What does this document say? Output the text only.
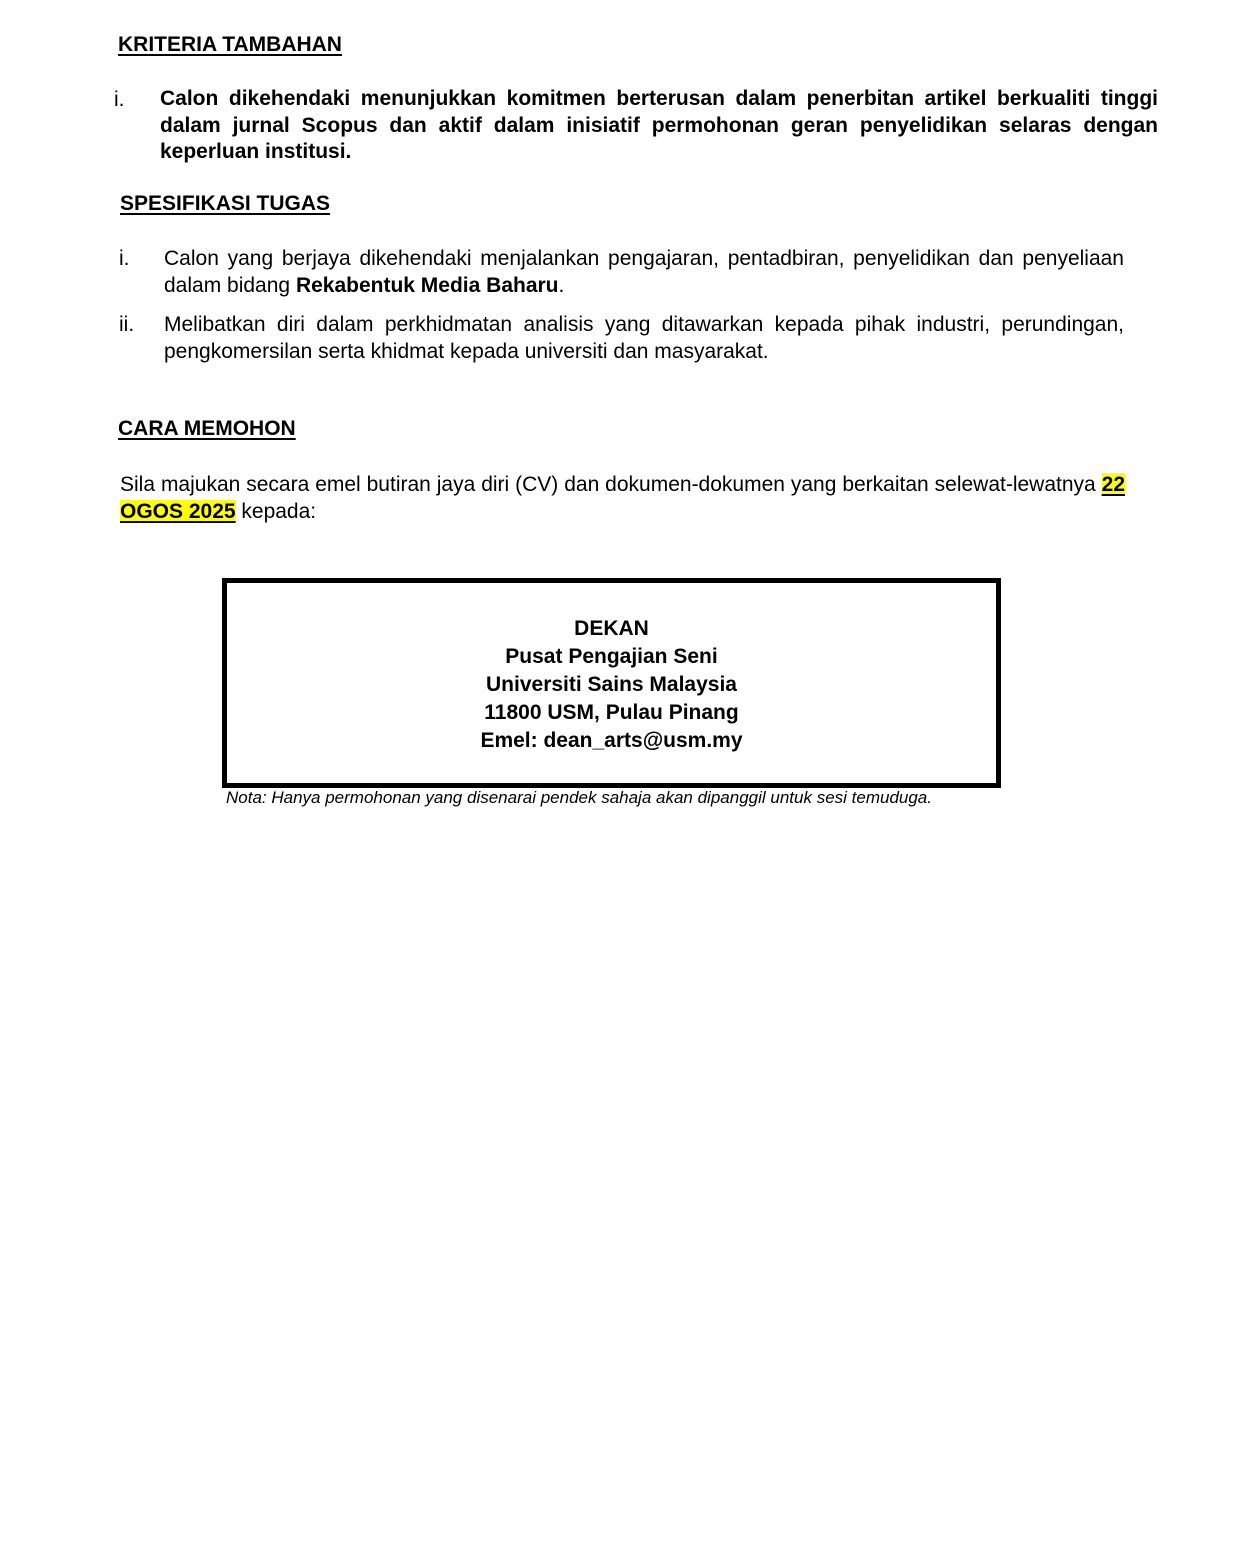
KRITERIA TAMBAHAN
i. Calon dikehendaki menunjukkan komitmen berterusan dalam penerbitan artikel berkualiti tinggi dalam jurnal Scopus dan aktif dalam inisiatif permohonan geran penyelidikan selaras dengan keperluan institusi.
SPESIFIKASI TUGAS
i. Calon yang berjaya dikehendaki menjalankan pengajaran, pentadbiran, penyelidikan dan penyeliaan dalam bidang Rekabentuk Media Baharu.
ii. Melibatkan diri dalam perkhidmatan analisis yang ditawarkan kepada pihak industri, perundingan, pengkomersilan serta khidmat kepada universiti dan masyarakat.
CARA MEMOHON
Sila majukan secara emel butiran jaya diri (CV) dan dokumen-dokumen yang berkaitan selewat-lewatnya 22 OGOS 2025 kepada:
DEKAN
Pusat Pengajian Seni
Universiti Sains Malaysia
11800 USM, Pulau Pinang
Emel: dean_arts@usm.my
Nota: Hanya permohonan yang disenarai pendek sahaja akan dipanggil untuk sesi temuduga.
